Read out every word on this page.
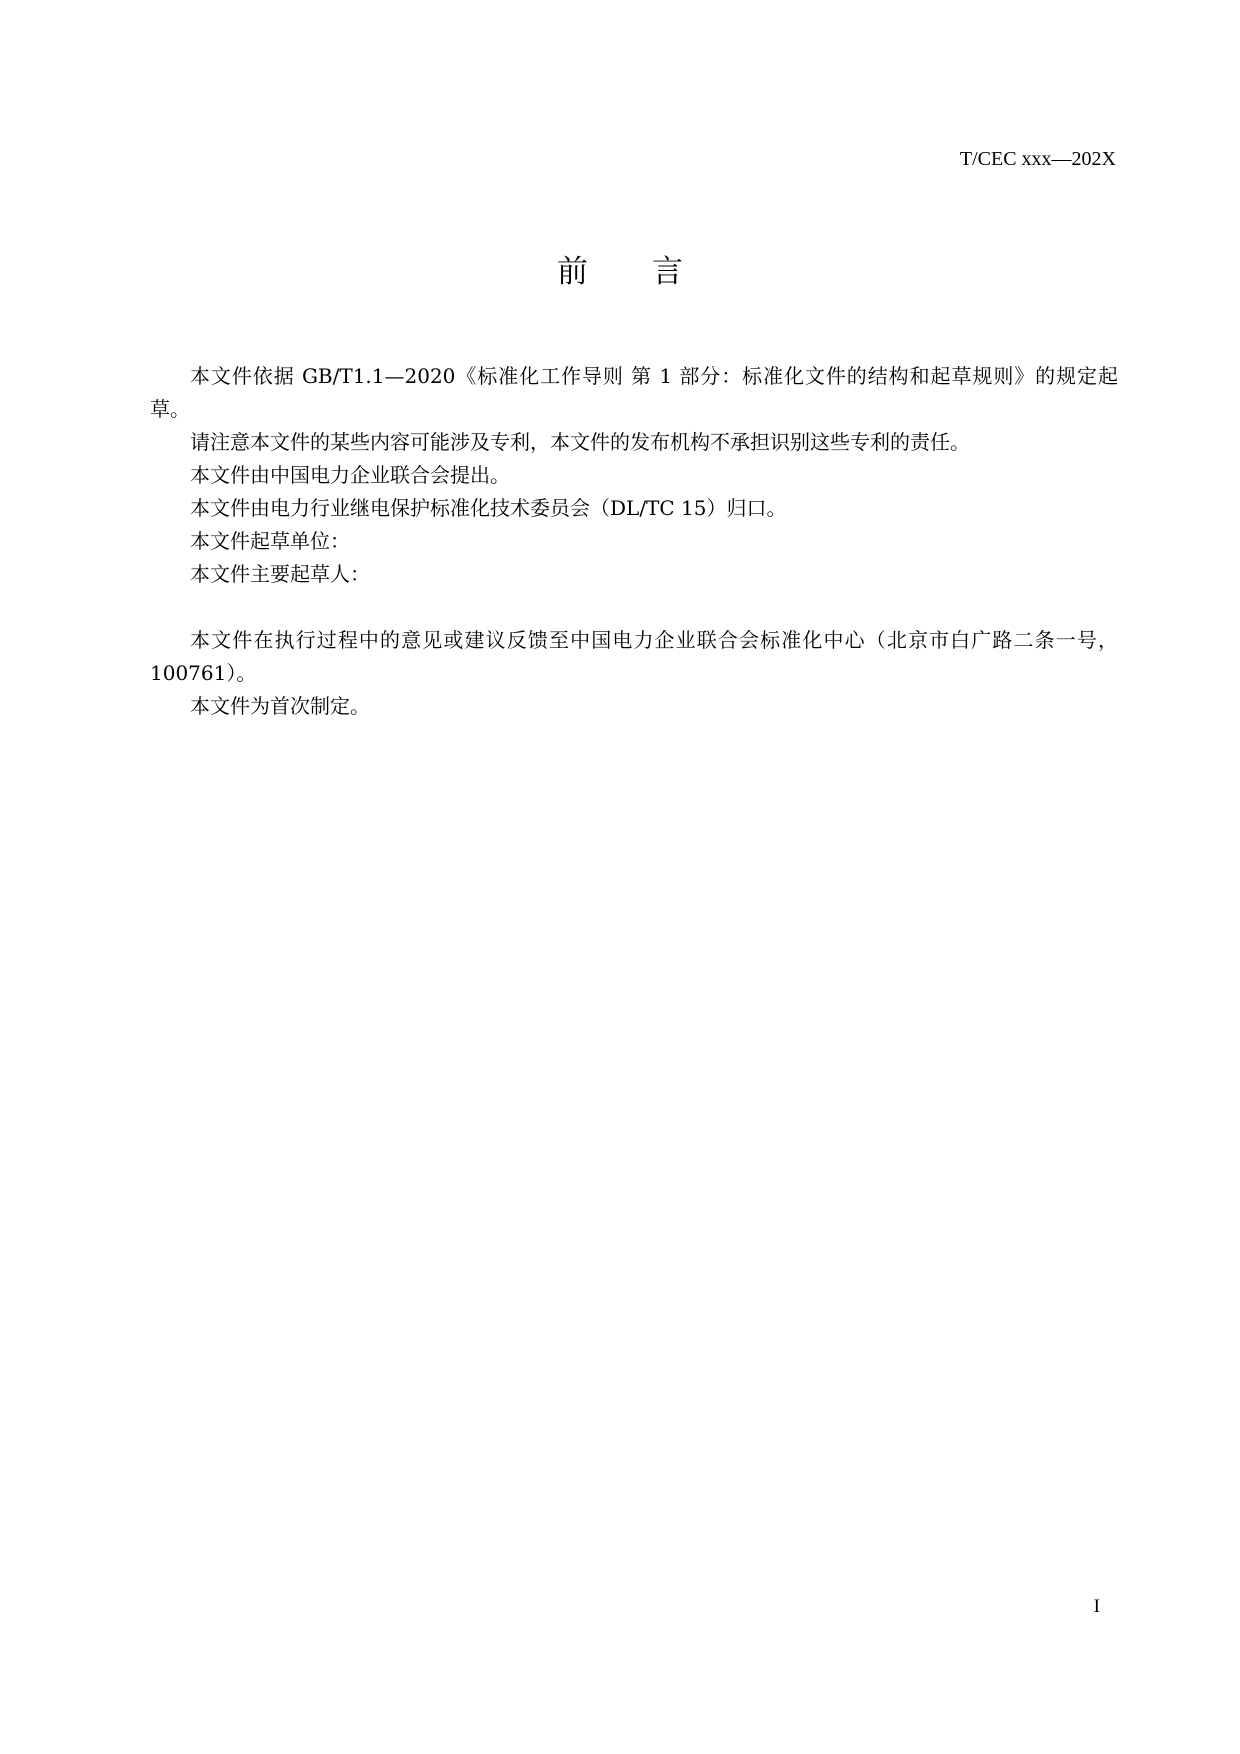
T/CEC xxx—202X
前 言

本文件依据 GB/T1.1—2020《标准化工作导则 第 1 部分：标准化文件的结构和起草规则》的规定起草。

请注意本文件的某些内容可能涉及专利，本文件的发布机构不承担识别这些专利的责任。

本文件由中国电力企业联合会提出。

本文件由电力行业继电保护标准化技术委员会（DL/TC 15）归口。

本文件起草单位：

本文件主要起草人：

本文件在执行过程中的意见或建议反馈至中国电力企业联合会标准化中心（北京市白广路二条一号，100761）。

本文件为首次制定。

I
